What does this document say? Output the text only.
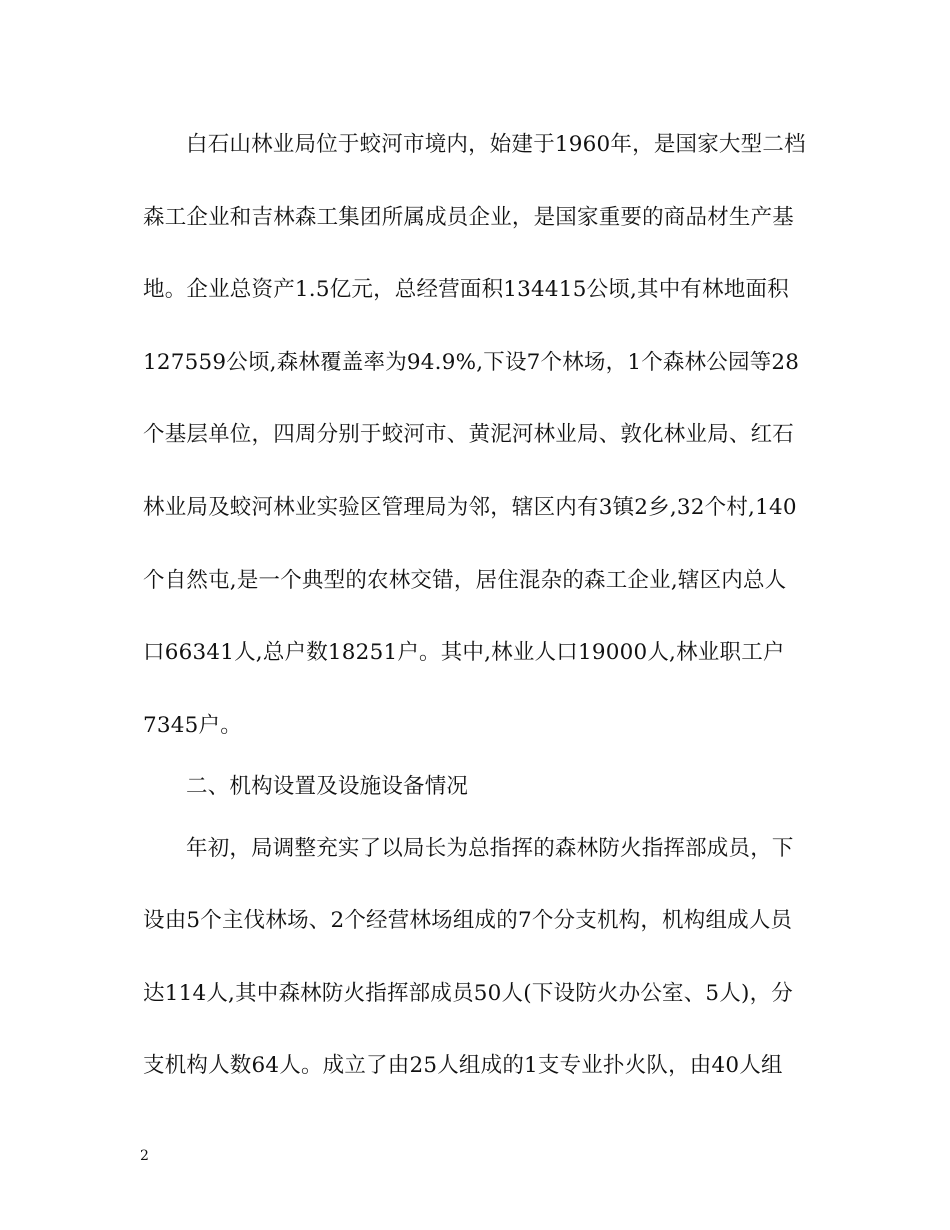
白石山林业局位于蛟河市境内，始建于1960年，是国家大型二档
森工企业和吉林森工集团所属成员企业，是国家重要的商品材生产基
地。企业总资产1.5亿元，总经营面积134415公顷,其中有林地面积
127559公顷,森林覆盖率为94.9%,下设7个林场，1个森林公园等28
个基层单位，四周分别于蛟河市、黄泥河林业局、敦化林业局、红石
林业局及蛟河林业实验区管理局为邻，辖区内有3镇2乡,32个村,140
个自然屯,是一个典型的农林交错，居住混杂的森工企业,辖区内总人
口66341人,总户数18251户。其中,林业人口19000人,林业职工户
7345户。
二、机构设置及设施设备情况
年初，局调整充实了以局长为总指挥的森林防火指挥部成员，下
设由5个主伐林场、2个经营林场组成的7个分支机构，机构组成人员
达114人,其中森林防火指挥部成员50人(下设防火办公室、5人)，分
支机构人数64人。成立了由25人组成的1支专业扑火队，由40人组
2
